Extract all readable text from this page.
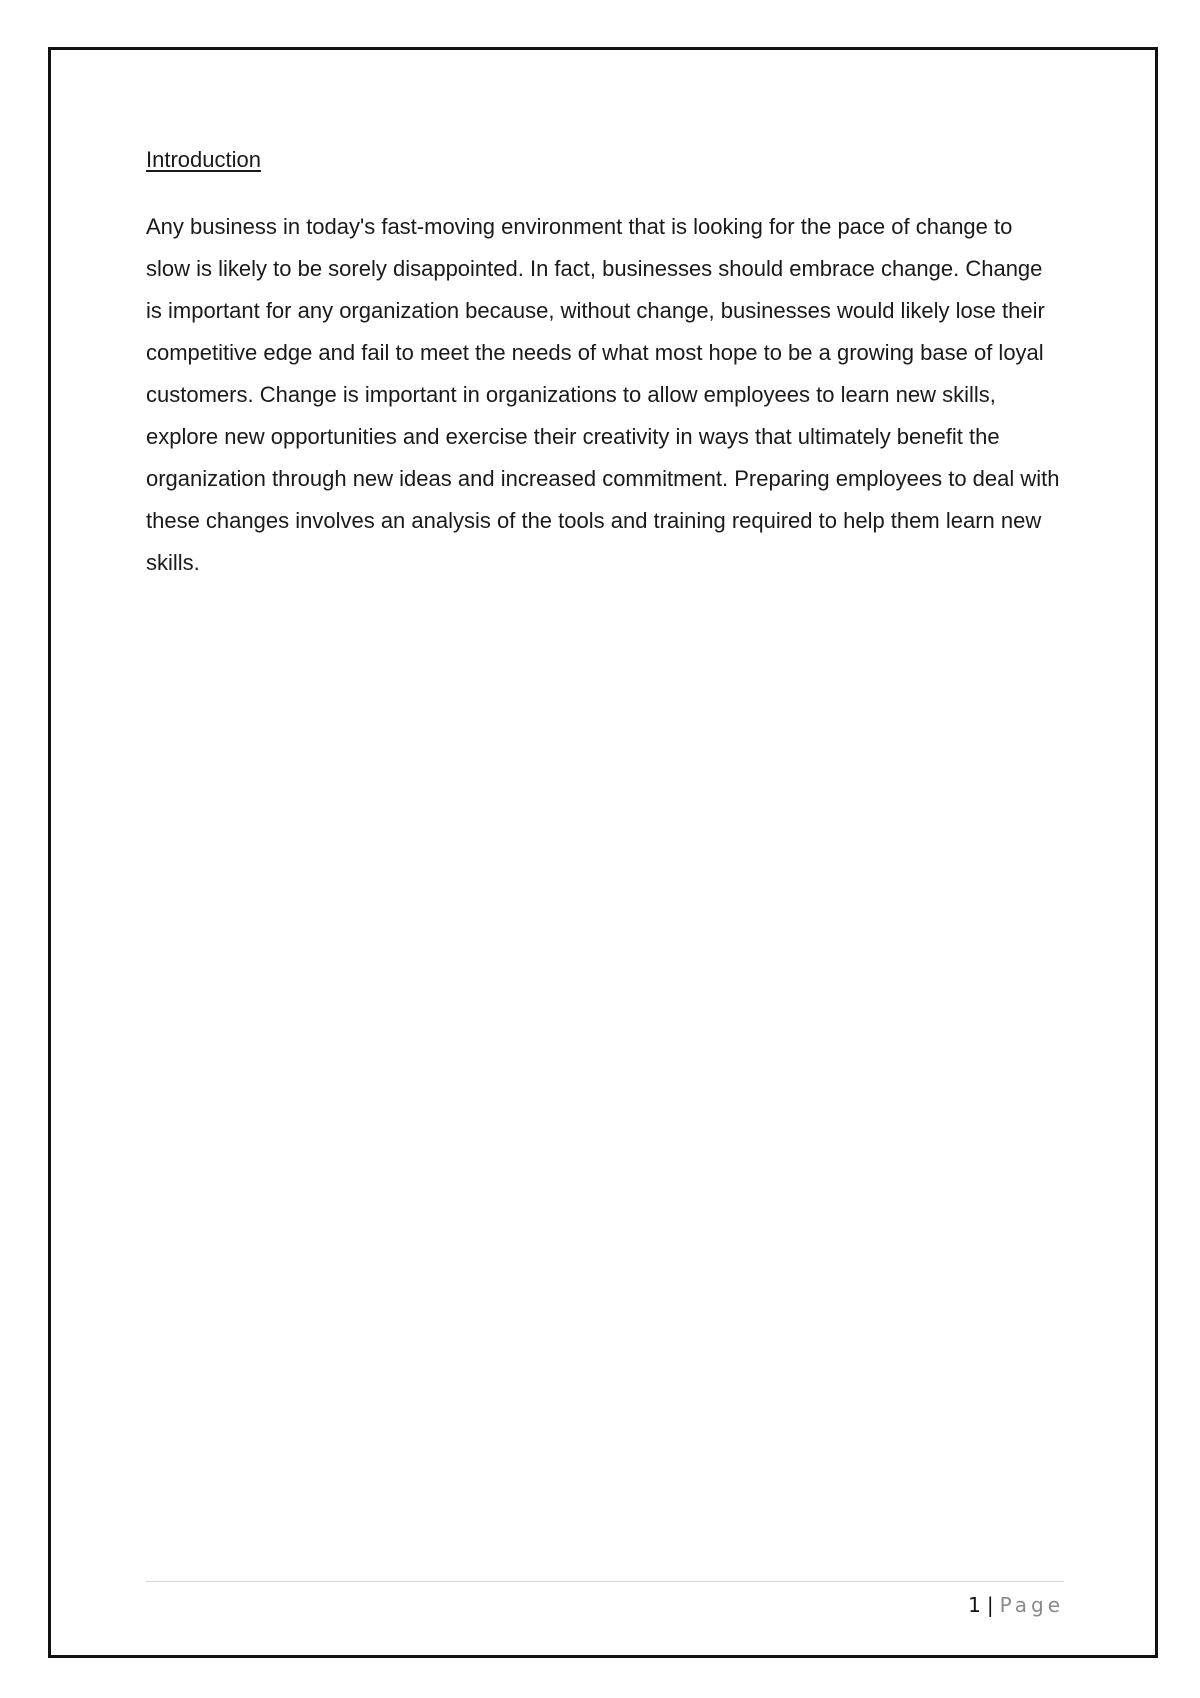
Introduction

Any business in today's fast-moving environment that is looking for the pace of change to slow is likely to be sorely disappointed. In fact, businesses should embrace change. Change is important for any organization because, without change, businesses would likely lose their competitive edge and fail to meet the needs of what most hope to be a growing base of loyal customers. Change is important in organizations to allow employees to learn new skills, explore new opportunities and exercise their creativity in ways that ultimately benefit the organization through new ideas and increased commitment. Preparing employees to deal with these changes involves an analysis of the tools and training required to help them learn new skills.

1 | Page
